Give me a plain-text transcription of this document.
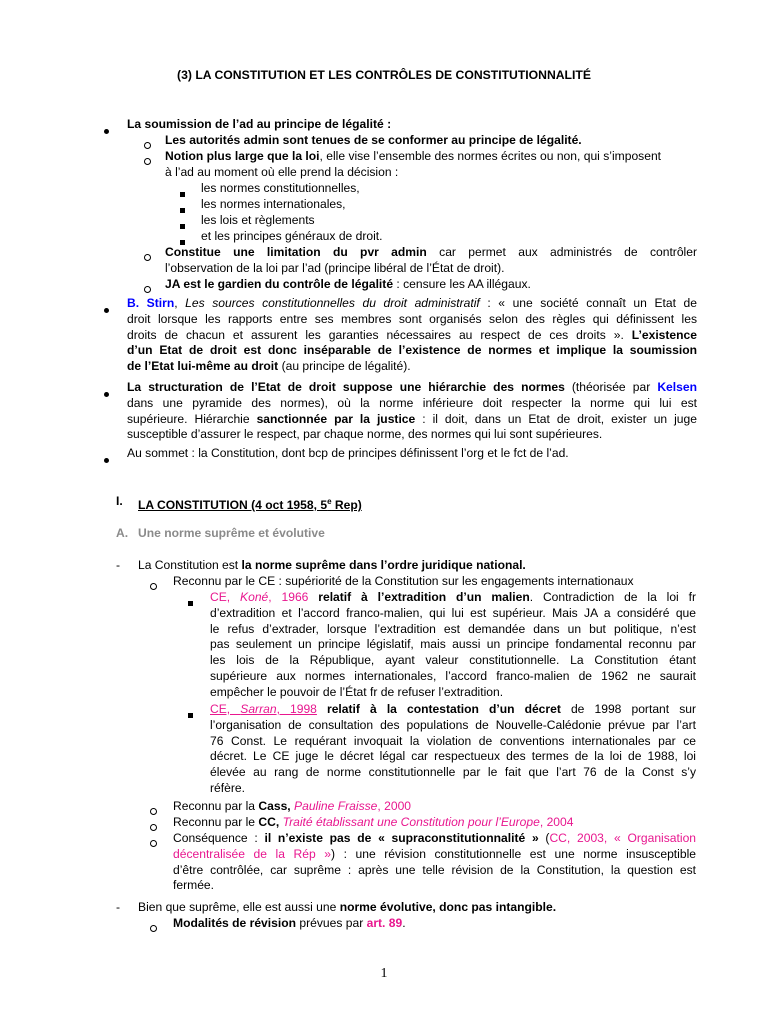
(3) LA CONSTITUTION ET LES CONTRÔLES DE CONSTITUTIONNALITÉ
La soumission de l’ad au principe de légalité :
Les autorités admin sont tenues de se conformer au principe de légalité.
Notion plus large que la loi, elle vise l’ensemble des normes écrites ou non, qui s’imposent
à l’ad au moment où elle prend la décision :
les normes constitutionnelles,
les normes internationales,
les lois et règlements
et les principes généraux de droit.
Constitue une limitation du pvr admin car permet aux administrés de contrôler
l’observation de la loi par l’ad (principe libéral de l’État de droit).
JA est le gardien du contrôle de légalité : censure les AA illégaux.
B. Stirn, Les sources constitutionnelles du droit administratif : « une société connaît un Etat de
droit lorsque les rapports entre ses membres sont organisés selon des règles qui définissent les
droits de chacun et assurent les garanties nécessaires au respect de ces droits ». L’existence
d’un Etat de droit est donc inséparable de l’existence de normes et implique la soumission
de l’Etat lui-même au droit (au principe de légalité).
La structuration de l’Etat de droit suppose une hiérarchie des normes (théorisée par Kelsen
dans une pyramide des normes), où la norme inférieure doit respecter la norme qui lui est
supérieure. Hiérarchie sanctionnée par la justice : il doit, dans un Etat de droit, exister un juge
susceptible d’assurer le respect, par chaque norme, des normes qui lui sont supérieures.
Au sommet : la Constitution, dont bcp de principes définissent l’org et le fct de l’ad.
I. LA CONSTITUTION (4 oct 1958, 5e Rep)
A. Une norme suprême et évolutive
- La Constitution est la norme suprême dans l’ordre juridique national.
Reconnu par le CE : supériorité de la Constitution sur les engagements internationaux
CE, Koné, 1966 relatif à l’extradition d’un malien. Contradiction de la loi fr
d’extradition et l’accord franco-malien, qui lui est supérieur. Mais JA a considéré que
le refus d’extrader, lorsque l’extradition est demandée dans un but politique, n’est
pas seulement un principe législatif, mais aussi un principe fondamental reconnu par
les lois de la République, ayant valeur constitutionnelle. La Constitution étant
supérieure aux normes internationales, l’accord franco-malien de 1962 ne saurait
empêcher le pouvoir de l’État fr de refuser l’extradition.
CE, Sarran, 1998 relatif à la contestation d’un décret de 1998 portant sur
l’organisation de consultation des populations de Nouvelle-Calédonie prévue par l’art
76 Const. Le requérant invoquait la violation de conventions internationales par ce
décret. Le CE juge le décret légal car respectueux des termes de la loi de 1988, loi
élevée au rang de norme constitutionnelle par le fait que l’art 76 de la Const s’y
réfère.
Reconnu par la Cass, Pauline Fraisse, 2000
Reconnu par le CC, Traité établissant une Constitution pour l’Europe, 2004
Conséquence : il n’existe pas de « supraconstitutionnalité » (CC, 2003, « Organisation
décentralisée de la Rép ») : une révision constitutionnelle est une norme insusceptible
d’être contrôlée, car suprême : après une telle révision de la Constitution, la question est
fermée.
- Bien que suprême, elle est aussi une norme évolutive, donc pas intangible.
Modalités de révision prévues par art. 89.
1
